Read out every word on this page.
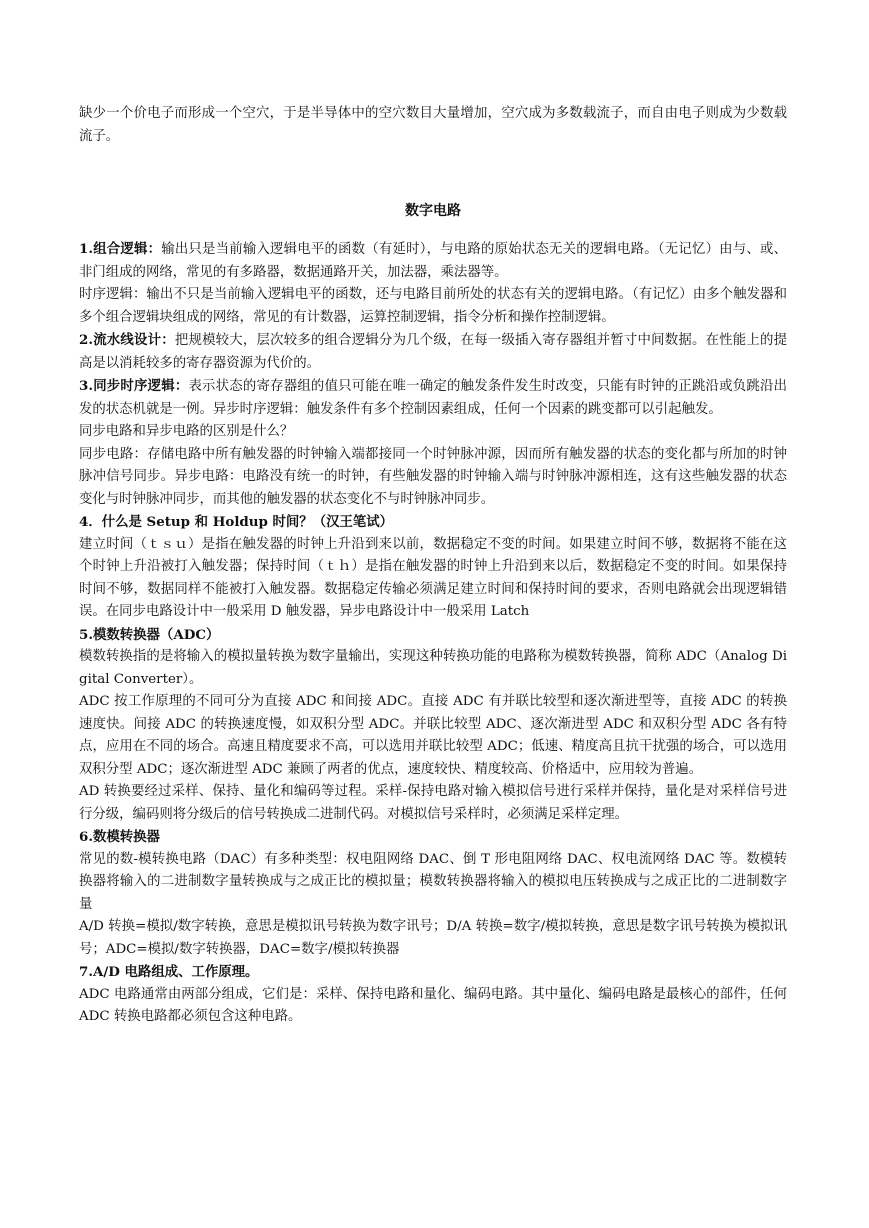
缺少一个价电子而形成一个空穴，于是半导体中的空穴数目大量增加，空穴成为多数载流子，而自由电子则成为少数载流子。

数字电路

1.组合逻辑：输出只是当前输入逻辑电平的函数（有延时），与电路的原始状态无关的逻辑电路。（无记忆）由与、或、非门组成的网络，常见的有多路器，数据通路开关，加法器，乘法器等。

时序逻辑：输出不只是当前输入逻辑电平的函数，还与电路目前所处的状态有关的逻辑电路。（有记忆）由多个触发器和多个组合逻辑块组成的网络，常见的有计数器，运算控制逻辑，指令分析和操作控制逻辑。

2.流水线设计：把规模较大，层次较多的组合逻辑分为几个级，在每一级插入寄存器组并暂寸中间数据。在性能上的提高是以消耗较多的寄存器资源为代价的。

3.同步时序逻辑：表示状态的寄存器组的值只可能在唯一确定的触发条件发生时改变，只能有时钟的正跳沿或负跳沿出发的状态机就是一例。异步时序逻辑：触发条件有多个控制因素组成，任何一个因素的跳变都可以引起触发。

同步电路和异步电路的区别是什么？

同步电路：存储电路中所有触发器的时钟输入端都接同一个时钟脉冲源，因而所有触发器的状态的变化都与所加的时钟脉冲信号同步。异步电路：电路没有统一的时钟，有些触发器的时钟输入端与时钟脉冲源相连，这有这些触发器的状态变化与时钟脉冲同步，而其他的触发器的状态变化不与时钟脉冲同步。

4．什么是 Setup 和 Holdup 时间？（汉王笔试）

建立时间（ｔｓｕ）是指在触发器的时钟上升沿到来以前，数据稳定不变的时间。如果建立时间不够，数据将不能在这个时钟上升沿被打入触发器；保持时间（ｔｈ）是指在触发器的时钟上升沿到来以后，数据稳定不变的时间。如果保持时间不够，数据同样不能被打入触发器。数据稳定传输必须满足建立时间和保持时间的要求，否则电路就会出现逻辑错误。在同步电路设计中一般采用 D 触发器，异步电路设计中一般采用 Latch

5.模数转换器（ADC）

模数转换指的是将输入的模拟量转换为数字量输出，实现这种转换功能的电路称为模数转换器，简称 ADC（Analog Digital Converter）。

ADC 按工作原理的不同可分为直接 ADC 和间接 ADC。直接 ADC 有并联比较型和逐次渐进型等，直接 ADC 的转换速度快。间接 ADC 的转换速度慢，如双积分型 ADC。并联比较型 ADC、逐次渐进型 ADC 和双积分型 ADC 各有特点，应用在不同的场合。高速且精度要求不高，可以选用并联比较型 ADC；低速、精度高且抗干扰强的场合，可以选用双积分型 ADC；逐次渐进型 ADC 兼顾了两者的优点，速度较快、精度较高、价格适中，应用较为普遍。

AD 转换要经过采样、保持、量化和编码等过程。采样-保持电路对输入模拟信号进行采样并保持，量化是对采样信号进行分级，编码则将分级后的信号转换成二进制代码。对模拟信号采样时，必须满足采样定理。

6.数模转换器

常见的数-模转换电路（DAC）有多种类型：权电阻网络 DAC、倒 T 形电阻网络 DAC、权电流网络 DAC 等。数模转换器将输入的二进制数字量转换成与之成正比的模拟量；模数转换器将输入的模拟电压转换成与之成正比的二进制数字量

A/D 转换=模拟/数字转换，意思是模拟讯号转换为数字讯号；D/A 转换=数字/模拟转换，意思是数字讯号转换为模拟讯号；ADC=模拟/数字转换器，DAC=数字/模拟转换器

7.A/D 电路组成、工作原理。

ADC 电路通常由两部分组成，它们是：采样、保持电路和量化、编码电路。其中量化、编码电路是最核心的部件，任何 ADC 转换电路都必须包含这种电路。
